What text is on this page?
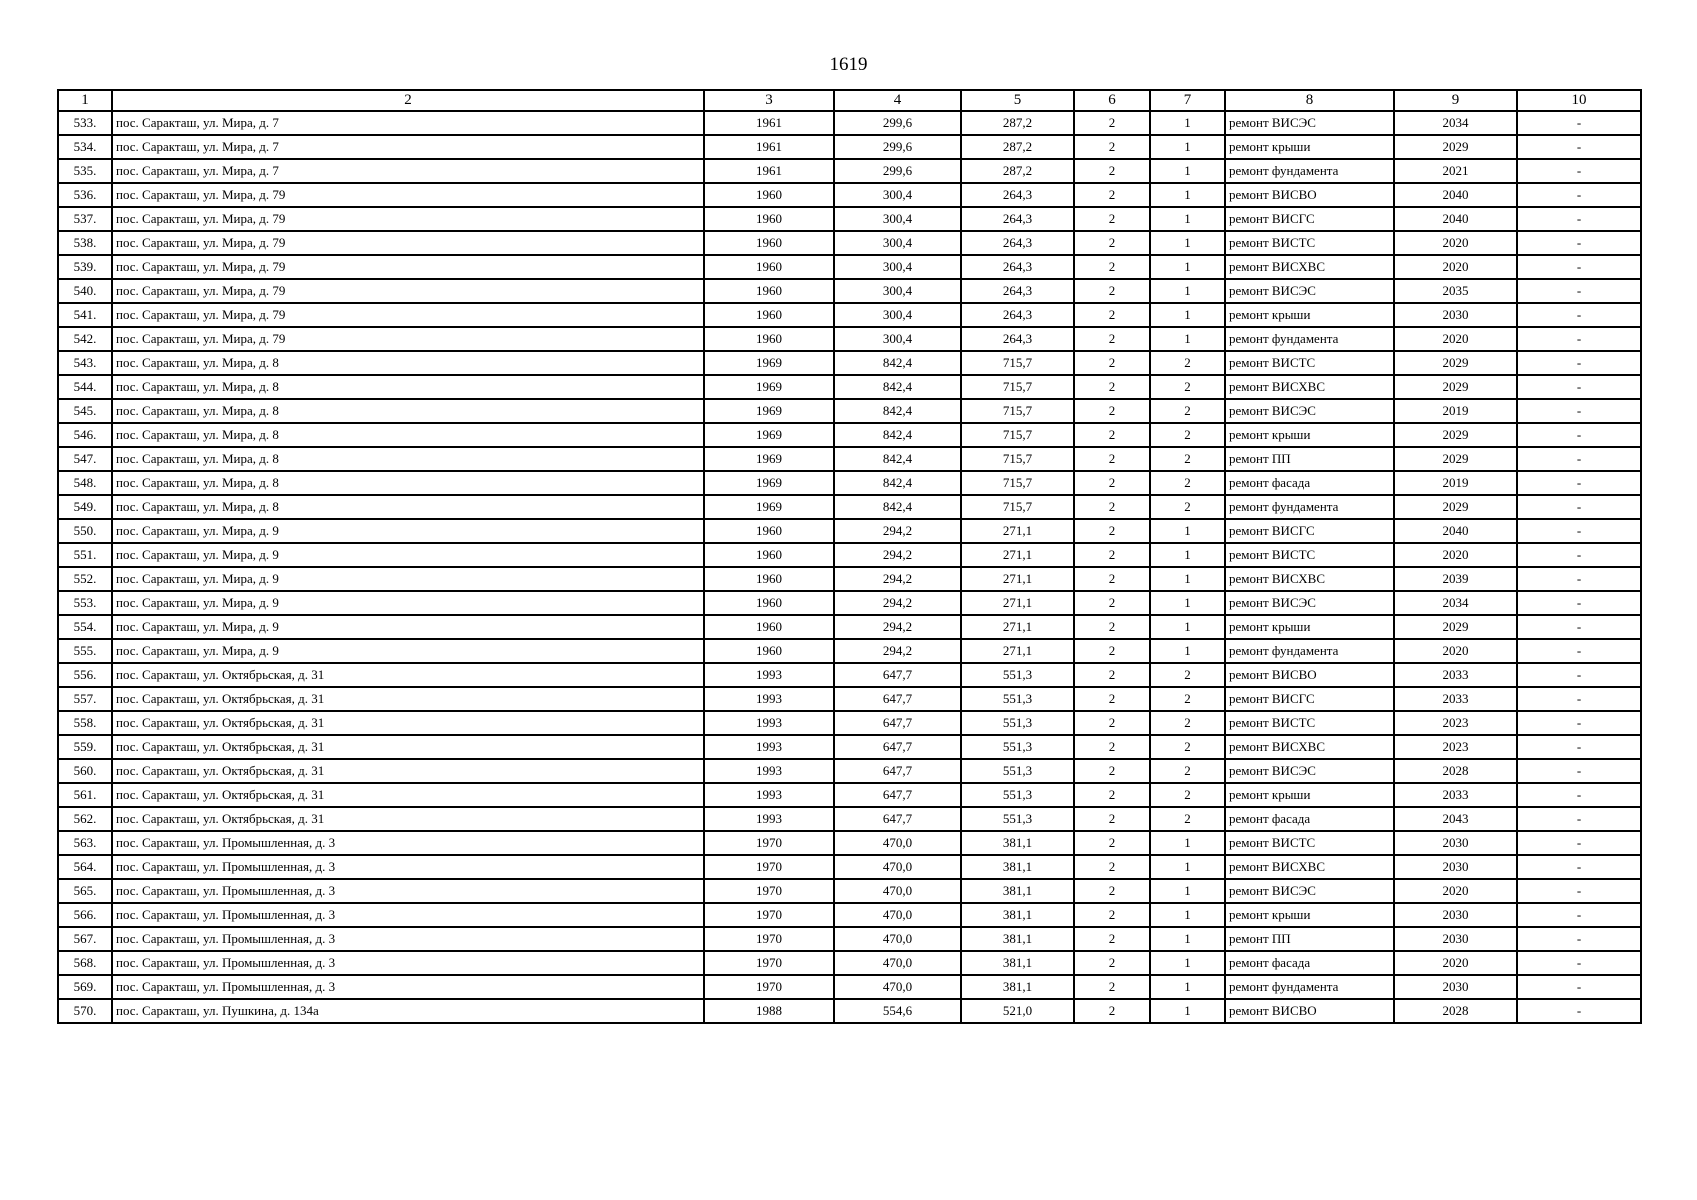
1619
1	2	3	4	5	6	7	8	9	10
533.	пос. Саракташ, ул. Мира, д. 7	1961	299,6	287,2	2	1	ремонт ВИСЭС	2034	-
534.	пос. Саракташ, ул. Мира, д. 7	1961	299,6	287,2	2	1	ремонт крыши	2029	-
535.	пос. Саракташ, ул. Мира, д. 7	1961	299,6	287,2	2	1	ремонт фундамента	2021	-
536.	пос. Саракташ, ул. Мира, д. 79	1960	300,4	264,3	2	1	ремонт ВИСВО	2040	-
537.	пос. Саракташ, ул. Мира, д. 79	1960	300,4	264,3	2	1	ремонт ВИСГС	2040	-
538.	пос. Саракташ, ул. Мира, д. 79	1960	300,4	264,3	2	1	ремонт ВИСТС	2020	-
539.	пос. Саракташ, ул. Мира, д. 79	1960	300,4	264,3	2	1	ремонт ВИСХВС	2020	-
540.	пос. Саракташ, ул. Мира, д. 79	1960	300,4	264,3	2	1	ремонт ВИСЭС	2035	-
541.	пос. Саракташ, ул. Мира, д. 79	1960	300,4	264,3	2	1	ремонт крыши	2030	-
542.	пос. Саракташ, ул. Мира, д. 79	1960	300,4	264,3	2	1	ремонт фундамента	2020	-
543.	пос. Саракташ, ул. Мира, д. 8	1969	842,4	715,7	2	2	ремонт ВИСТС	2029	-
544.	пос. Саракташ, ул. Мира, д. 8	1969	842,4	715,7	2	2	ремонт ВИСХВС	2029	-
545.	пос. Саракташ, ул. Мира, д. 8	1969	842,4	715,7	2	2	ремонт ВИСЭС	2019	-
546.	пос. Саракташ, ул. Мира, д. 8	1969	842,4	715,7	2	2	ремонт крыши	2029	-
547.	пос. Саракташ, ул. Мира, д. 8	1969	842,4	715,7	2	2	ремонт ПП	2029	-
548.	пос. Саракташ, ул. Мира, д. 8	1969	842,4	715,7	2	2	ремонт фасада	2019	-
549.	пос. Саракташ, ул. Мира, д. 8	1969	842,4	715,7	2	2	ремонт фундамента	2029	-
550.	пос. Саракташ, ул. Мира, д. 9	1960	294,2	271,1	2	1	ремонт ВИСГС	2040	-
551.	пос. Саракташ, ул. Мира, д. 9	1960	294,2	271,1	2	1	ремонт ВИСТС	2020	-
552.	пос. Саракташ, ул. Мира, д. 9	1960	294,2	271,1	2	1	ремонт ВИСХВС	2039	-
553.	пос. Саракташ, ул. Мира, д. 9	1960	294,2	271,1	2	1	ремонт ВИСЭС	2034	-
554.	пос. Саракташ, ул. Мира, д. 9	1960	294,2	271,1	2	1	ремонт крыши	2029	-
555.	пос. Саракташ, ул. Мира, д. 9	1960	294,2	271,1	2	1	ремонт фундамента	2020	-
556.	пос. Саракташ, ул. Октябрьская, д. 31	1993	647,7	551,3	2	2	ремонт ВИСВО	2033	-
557.	пос. Саракташ, ул. Октябрьская, д. 31	1993	647,7	551,3	2	2	ремонт ВИСГС	2033	-
558.	пос. Саракташ, ул. Октябрьская, д. 31	1993	647,7	551,3	2	2	ремонт ВИСТС	2023	-
559.	пос. Саракташ, ул. Октябрьская, д. 31	1993	647,7	551,3	2	2	ремонт ВИСХВС	2023	-
560.	пос. Саракташ, ул. Октябрьская, д. 31	1993	647,7	551,3	2	2	ремонт ВИСЭС	2028	-
561.	пос. Саракташ, ул. Октябрьская, д. 31	1993	647,7	551,3	2	2	ремонт крыши	2033	-
562.	пос. Саракташ, ул. Октябрьская, д. 31	1993	647,7	551,3	2	2	ремонт фасада	2043	-
563.	пос. Саракташ, ул. Промышленная, д. 3	1970	470,0	381,1	2	1	ремонт ВИСТС	2030	-
564.	пос. Саракташ, ул. Промышленная, д. 3	1970	470,0	381,1	2	1	ремонт ВИСХВС	2030	-
565.	пос. Саракташ, ул. Промышленная, д. 3	1970	470,0	381,1	2	1	ремонт ВИСЭС	2020	-
566.	пос. Саракташ, ул. Промышленная, д. 3	1970	470,0	381,1	2	1	ремонт крыши	2030	-
567.	пос. Саракташ, ул. Промышленная, д. 3	1970	470,0	381,1	2	1	ремонт ПП	2030	-
568.	пос. Саракташ, ул. Промышленная, д. 3	1970	470,0	381,1	2	1	ремонт фасада	2020	-
569.	пос. Саракташ, ул. Промышленная, д. 3	1970	470,0	381,1	2	1	ремонт фундамента	2030	-
570.	пос. Саракташ, ул. Пушкина, д. 134а	1988	554,6	521,0	2	1	ремонт ВИСВО	2028	-
